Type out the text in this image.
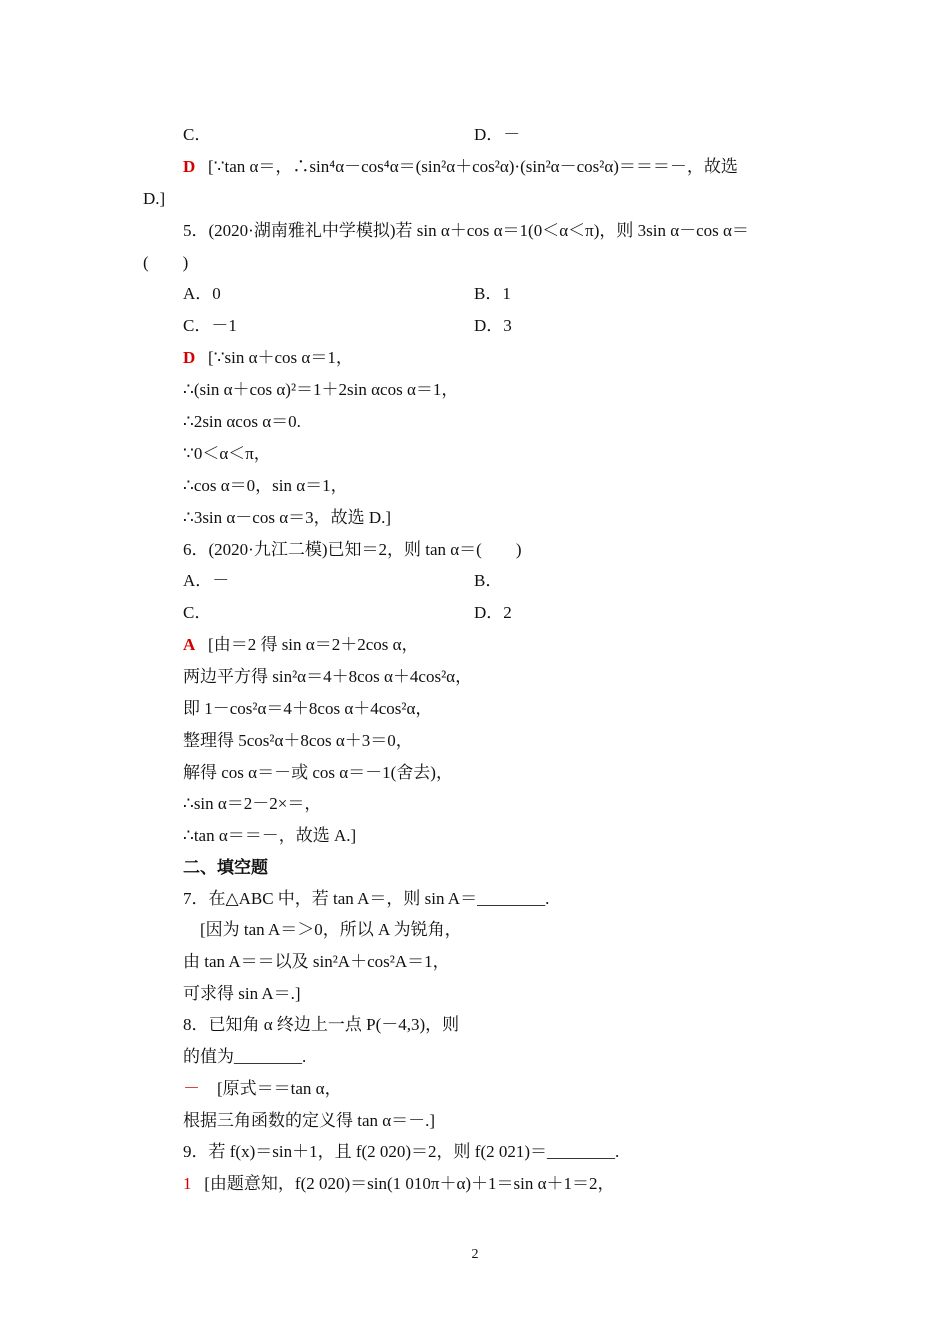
C．	D．－
D [∵tan α＝，∴sin⁴α－cos⁴α＝(sin²α＋cos²α)·(sin²α－cos²α)＝＝＝－，故选
D.]
5．(2020·湖南雅礼中学模拟)若 sin α＋cos α＝1(0＜α＜π)，则 3sin α－cos α＝
(　　)
A．0	B．1
C．－1	D．3
D [∵sin α＋cos α＝1，
∴(sin α＋cos α)²＝1＋2sin αcos α＝1，
∴2sin αcos α＝0.
∵0＜α＜π，
∴cos α＝0，sin α＝1，
∴3sin α－cos α＝3，故选 D.]
6．(2020·九江二模)已知＝2，则 tan α＝(　　)
A．－	B．
C．	D．2
A [由＝2 得 sin α＝2＋2cos α，
两边平方得 sin²α＝4＋8cos α＋4cos²α，
即 1－cos²α＝4＋8cos α＋4cos²α，
整理得 5cos²α＋8cos α＋3＝0，
解得 cos α＝－或 cos α＝－1(舍去)，
∴sin α＝2－2×＝，
∴tan α＝＝－，故选 A.]
二、填空题
7．在△ABC 中，若 tan A＝，则 sin A＝________.
[因为 tan A＝＞0，所以 A 为锐角，
由 tan A＝＝以及 sin²A＋cos²A＝1，
可求得 sin A＝.]
8．已知角 α 终边上一点 P(－4,3)，则
的值为________.
－ [原式＝＝tan α，
根据三角函数的定义得 tan α＝－.]
9．若 f(x)＝sin＋1，且 f(2 020)＝2，则 f(2 021)＝________.
1 [由题意知，f(2 020)＝sin(1 010π＋α)＋1＝sin α＋1＝2，
2
